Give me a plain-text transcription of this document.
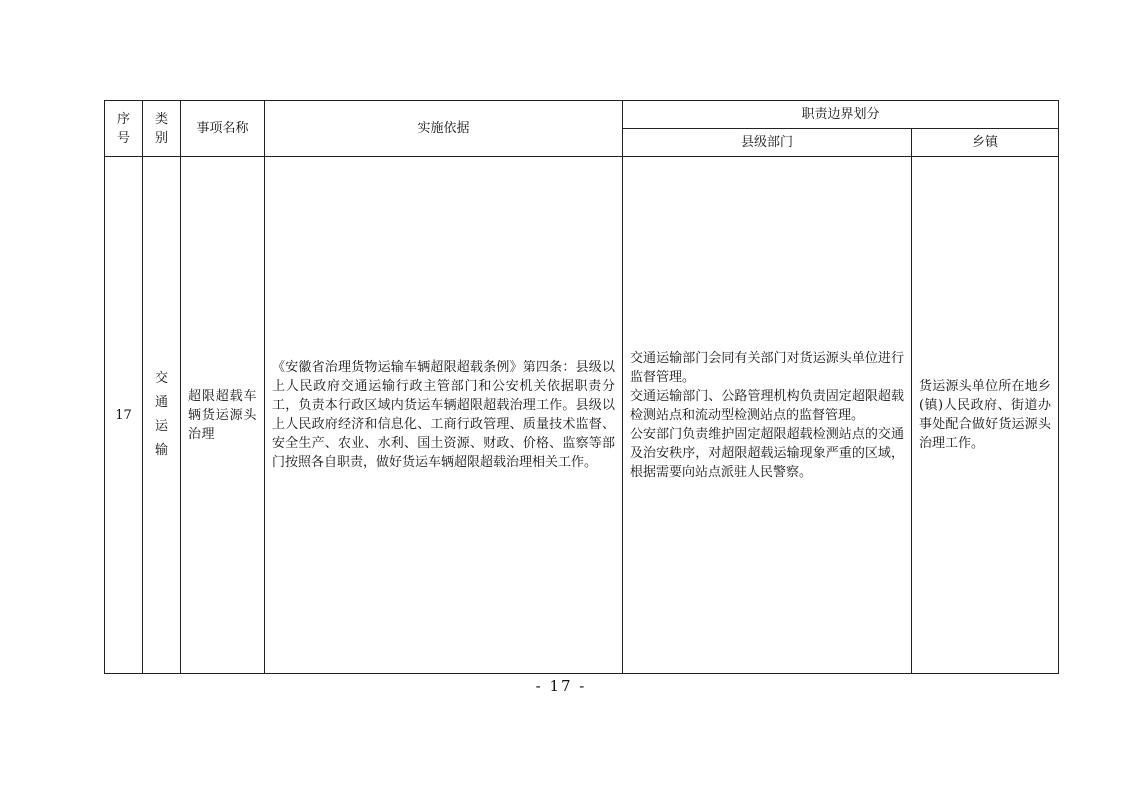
序号	类别	事项名称	实施依据	职责边界划分	
				县级部门	乡镇
17	交通运输	超限超载车辆货运源头治理	《安徽省治理货物运输车辆超限超载条例》第四条：县级以上人民政府交通运输行政主管部门和公安机关依据职责分工，负责本行政区域内货运车辆超限超载治理工作。县级以上人民政府经济和信息化、工商行政管理、质量技术监督、安全生产、农业、水利、国土资源、财政、价格、监察等部门按照各自职责，做好货运车辆超限超载治理相关工作。	交通运输部门会同有关部门对货运源头单位进行监督管理。

交通运输部门、公路管理机构负责固定超限超载检测站点和流动型检测站点的监督管理。

公安部门负责维护固定超限超载检测站点的交通及治安秩序，对超限超载运输现象严重的区域，根据需要向站点派驻人民警察。	货运源头单位所在地乡(镇)人民政府、街道办事处配合做好货运源头治理工作。

- 17 -
